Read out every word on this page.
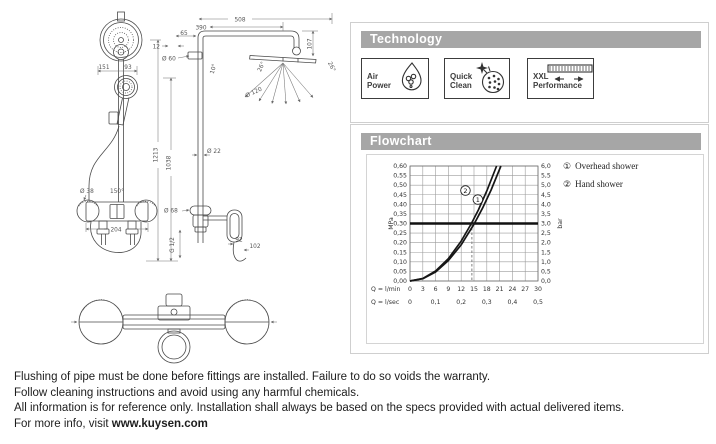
151	93
Ø 38	150°
204
1213
1038
508
390
65
12
Ø 60
107
10°	26°	26°
Ø 120
Ø 22
Ø 68
G 1/2	92
102
Technology
Air
Power
Quick
Clean
XXL
Performance
Flowchart
0,00
0,05
0,10
0,15
0,20
0,25
0,30
0,35
0,40
0,45
0,50
0,55
0,60
0,0
0,5
1,0
1,5
2,0
2,5
3,0
3,5
4,0
4,5
5,0
5,5
6,0
MPa	bar
Q = l/min 0 3 6 9 12 15 18 21 24 27 30
Q = l/sec 0	0,1	0,2	0,3	0,4	0,5
1
2
① Overhead shower
② Hand shower
Flushing of pipe must be done before fittings are installed. Failure to do so voids the warranty.
Follow cleaning instructions and avoid using any harmful chemicals.
All information is for reference only. Installation shall always be based on the specs provided with actual delivered items.
For more info, visit www.kuysen.com
